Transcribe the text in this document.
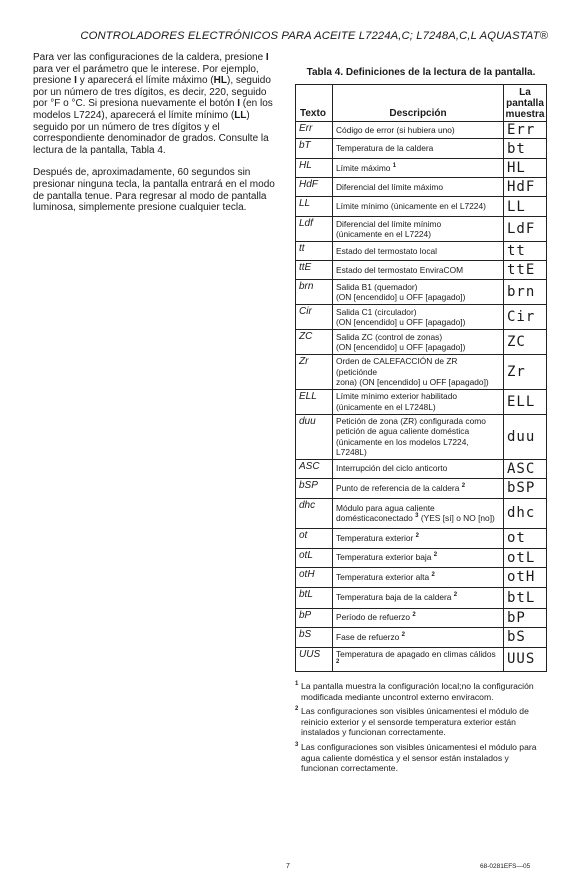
CONTROLADORES ELECTRÓNICOS PARA ACEITE L7224A,C; L7248A,C,L AQUASTAT®

Para ver las configuraciones de la caldera, presione I para ver el parámetro que le interese. Por ejemplo, presione I y aparecerá el límite máximo (HL), seguido por un número de tres dígitos, es decir, 220, seguido por °F o °C. Si presiona nuevamente el botón I (en los modelos L7224), aparecerá el límite mínimo (LL) seguido por un número de tres dígitos y el correspondiente denominador de grados. Consulte la lectura de la pantalla, Tabla 4.

Después de, aproximadamente, 60 segundos sin presionar ninguna tecla, la pantalla entrará en el modo de pantalla tenue. Para regresar al modo de pantalla luminosa, simplemente presione cualquier tecla.

Tabla 4. Definiciones de la lectura de la pantalla.
Texto	Descripción	La
pantalla
muestra
Err	Código de error (si hubiera uno)	Err
bT	Temperatura de la caldera	bt
HL	Límite máximo $^1$	HL
HdF	Diferencial del límite máximo	HdF
LL	Límite mínimo (únicamente en el L7224)	LL
Ldf	Diferencial del límite mínimo
(únicamente en el L7224)	LdF
tt	Estado del termostato local	tt
ttE	Estado del termostato EnviraCOM	ttE
brn	Salida B1 (quemador)
(ON [encendido] u OFF [apagado])	brn
Cir	Salida C1 (circulador)
(ON [encendido] u OFF [apagado])	Cir
ZC	Salida ZC (control de zonas)
(ON [encendido] u OFF [apagado])	ZC
Zr	Orden de CALEFACCIÓN de ZR (peticiónde
zona) (ON [encendido] u OFF [apagado])	Zr
ELL	Límite mínimo exterior habilitado
(únicamente en el L7248L)	ELL
duu	Petición de zona (ZR) configurada como
petición de agua caliente doméstica
(únicamente en los modelos L7224, L7248L)	duu
ASC	Interrupción del ciclo anticorto	ASC
bSP	Punto de referencia de la caldera $^2$	bSP
dhc	Módulo para agua caliente
domésticaconectado $^3$ (YES [sí] o NO [no])	dhc
ot	Temperatura exterior $^2$	ot
otL	Temperatura exterior baja $^2$	otL
otH	Temperatura exterior alta $^2$	otH
btL	Temperatura baja de la caldera $^2$	btL
bP	Período de refuerzo $^2$	bP
bS	Fase de refuerzo $^2$	bS
UUS	Temperatura de apagado en climas cálidos $^2$	UUS
1 La pantalla muestra la configuración local;no la configuración modificada mediante uncontrol externo enviracom.
2 Las configuraciones son visibles únicamentesi el módulo de reinicio exterior y el sensorde temperatura exterior están instalados y funcionan correctamente.
3 Las configuraciones son visibles únicamentesi el módulo para agua caliente doméstica y el sensor están instalados y funcionan correctamente.
7	68-0281EFS—05
